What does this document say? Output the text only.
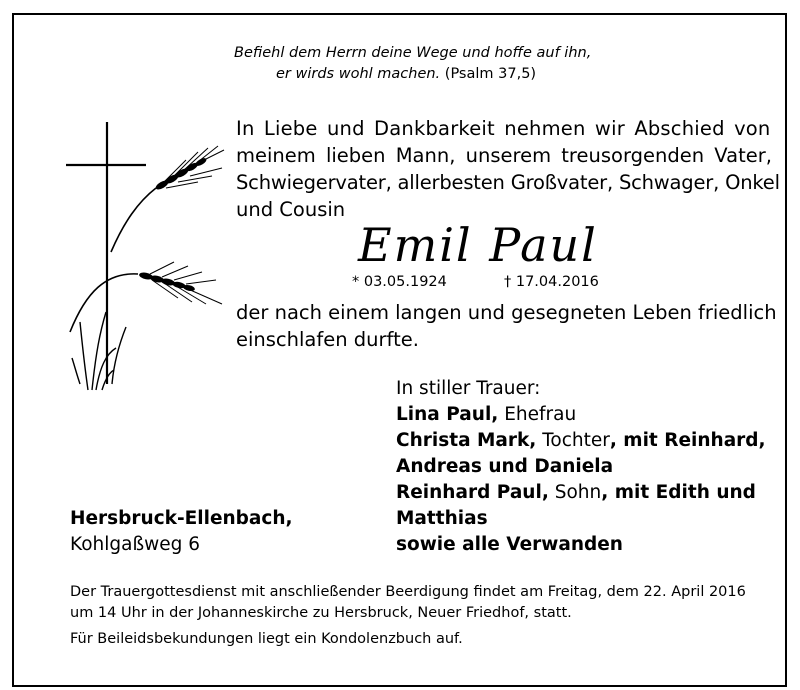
Befiehl dem Herrn deine Wege und hoffe auf ihn,
er wirds wohl machen. (Psalm 37,5)
In Liebe und Dankbarkeit nehmen wir Abschied von
meinem lieben Mann, unserem treusorgenden Vater,
Schwiegervater, allerbesten Großvater, Schwager, Onkel
und Cousin
Emil Paul
* 03.05.1924	† 17.04.2016
der nach einem langen und gesegneten Leben friedlich
einschlafen durfte.
In stiller Trauer:
Lina Paul, Ehefrau
Christa Mark, Tochter, mit Reinhard,
Andreas und Daniela
Reinhard Paul, Sohn, mit Edith und
Matthias
sowie alle Verwanden
Hersbruck-Ellenbach,
Kohlgaßweg 6
Der Trauergottesdienst mit anschließender Beerdigung findet am Freitag, dem 22. April 2016
um 14 Uhr in der Johanneskirche zu Hersbruck, Neuer Friedhof, statt.
Für Beileidsbekundungen liegt ein Kondolenzbuch auf.
